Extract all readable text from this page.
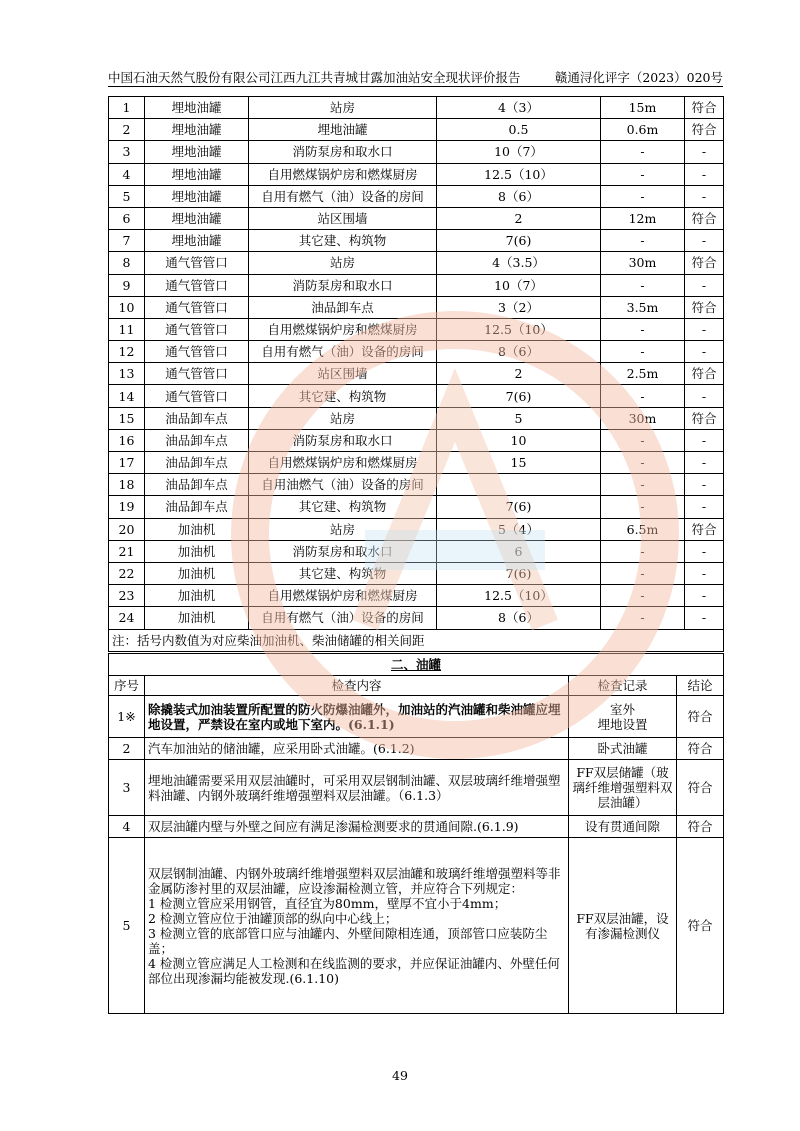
中国石油天然气股份有限公司江西九江共青城甘露加油站安全现状评价报告	赣通浔化评字（2023）020号
1	埋地油罐	站房	4（3）	15m	符合
2	埋地油罐	埋地油罐	0.5	0.6m	符合
3	埋地油罐	消防泵房和取水口	10（7）	-	-
4	埋地油罐	自用燃煤锅炉房和燃煤厨房	12.5（10）	-	-
5	埋地油罐	自用有燃气（油）设备的房间	8（6）	-	-
6	埋地油罐	站区围墙	2	12m	符合
7	埋地油罐	其它建、构筑物	7(6)	-	-
8	通气管管口	站房	4（3.5）	30m	符合
9	通气管管口	消防泵房和取水口	10（7）	-	-
10	通气管管口	油品卸车点	3（2）	3.5m	符合
11	通气管管口	自用燃煤锅炉房和燃煤厨房	12.5（10）	-	-
12	通气管管口	自用有燃气（油）设备的房间	8（6）	-	-
13	通气管管口	站区围墙	2	2.5m	符合
14	通气管管口	其它建、构筑物	7(6)	-	-
15	油品卸车点	站房	5	30m	符合
16	油品卸车点	消防泵房和取水口	10	-	-
17	油品卸车点	自用燃煤锅炉房和燃煤厨房	15	-	-
18	油品卸车点	自用油燃气（油）设备的房间		-	-
19	油品卸车点	其它建、构筑物	7(6)	-	-
20	加油机	站房	5（4）	6.5m	符合
21	加油机	消防泵房和取水口	6	-	-
22	加油机	其它建、构筑物	7(6)	-	-
23	加油机	自用燃煤锅炉房和燃煤厨房	12.5（10）	-	-
24	加油机	自用有燃气（油）设备的房间	8（6）	-	-
注：括号内数值为对应柴油加油机、柴油储罐的相关间距					
二、油罐			
序号	检查内容	检查记录	结论
1※	除撬装式加油装置所配置的防火防爆油罐外，加油站的汽油罐和柴油罐应埋地设置，严禁设在室内或地下室内。(6.1.1)	室外
埋地设置	符合
2	汽车加油站的储油罐，应采用卧式油罐。(6.1.2)	卧式油罐	符合
3	埋地油罐需要采用双层油罐时，可采用双层钢制油罐、双层玻璃纤维增强塑料油罐、内钢外玻璃纤维增强塑料双层油罐。（6.1.3）	FF双层储罐（玻璃纤维增强塑料双层油罐）	符合
4	双层油罐内壁与外壁之间应有满足渗漏检测要求的贯通间隙.(6.1.9)	设有贯通间隙	符合
5	双层钢制油罐、内钢外玻璃纤维增强塑料双层油罐和玻璃纤维增强塑料等非金属防渗衬里的双层油罐，应设渗漏检测立管，并应符合下列规定：
1 检测立管应采用钢管，直径宜为80mm，壁厚不宜小于4mm；
2 检测立管应位于油罐顶部的纵向中心线上；
3 检测立管的底部管口应与油罐内、外壁间隙相连通，顶部管口应装防尘盖；
4 检测立管应满足人工检测和在线监测的要求，并应保证油罐内、外壁任何部位出现渗漏均能被发现.(6.1.10)	FF双层油罐，设有渗漏检测仪	符合
49
